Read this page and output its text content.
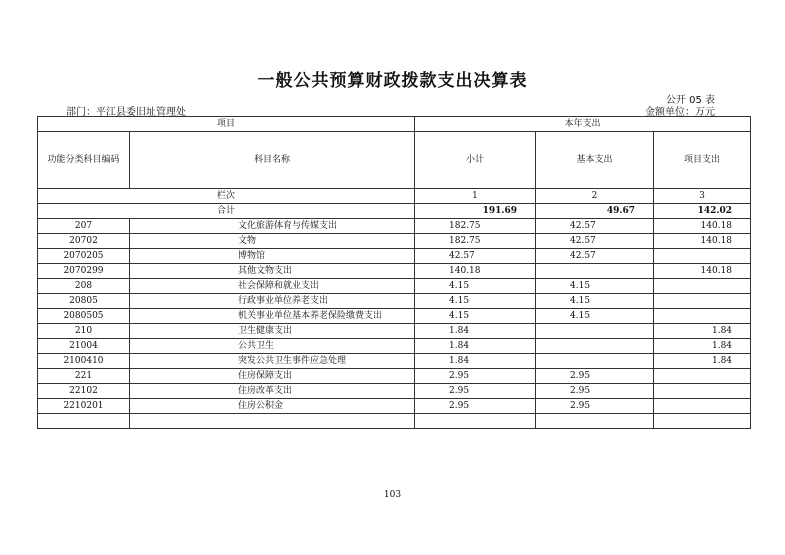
一般公共预算财政拨款支出决算表
公开 05 表
部门：平江县委旧址管理处	金额单位：万元
项目		本年支出		
功能分类科目编码	科目名称	小计	基本支出	项目支出
栏次		1	2	3
合计		191.69	49.67	142.02
207	文化旅游体育与传媒支出	182.75	42.57	140.18
20702	文物	182.75	42.57	140.18
2070205	博物馆	42.57	42.57	
2070299	其他文物支出	140.18		140.18
208	社会保障和就业支出	4.15	4.15	
20805	行政事业单位养老支出	4.15	4.15	
2080505	机关事业单位基本养老保险缴费支出	4.15	4.15	
210	卫生健康支出	1.84		1.84
21004	公共卫生	1.84		1.84
2100410	突发公共卫生事件应急处理	1.84		1.84
221	住房保障支出	2.95	2.95	
22102	住房改革支出	2.95	2.95	
2210201	住房公积金	2.95	2.95	

103
